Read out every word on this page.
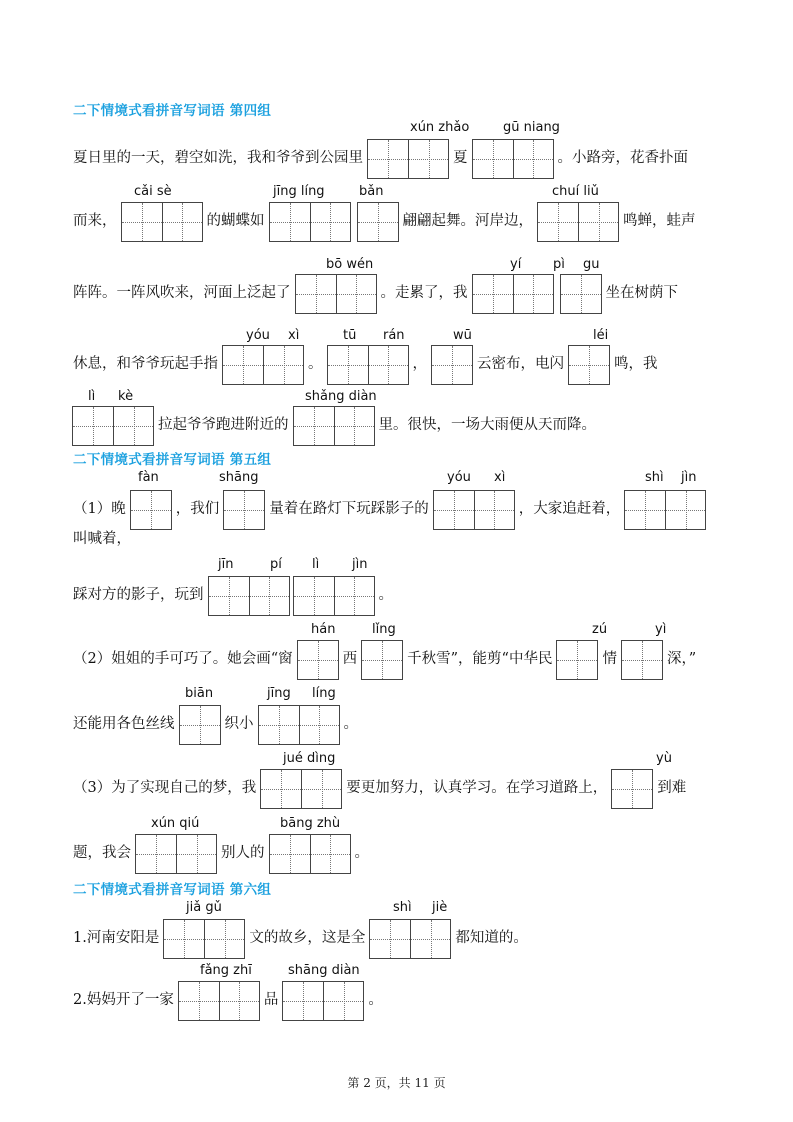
二下情境式看拼音写词语 第四组
xún zhǎo	gū niang
夏日里的一天，碧空如洗，我和爷爷到公园里	夏	。小路旁，花香扑面
cǎi sè	jīng líng	bǎn	chuí liǔ
而来，	的蝴蝶如	翩翩起舞。河岸边，	鸣蝉，蛙声
bō wén	yí pì gu
阵阵。一阵风吹来，河面上泛起了	。走累了，我	坐在树荫下
yóu xì	tū rán	wū	léi
休息，和爷爷玩起手指	。	，	云密布，电闪	鸣，我
lì kè	shǎng diàn
拉起爷爷跑进附近的	里。很快，一场大雨便从天而降。
二下情境式看拼音写词语 第五组
fàn	shāng	yóu xì	shì jìn
（1）晚	，我们	量着在路灯下玩踩影子的	，大家追赶着，
叫喊着，
jīn	pí lì	jìn
踩对方的影子，玩到	。
hán	lǐng	zú	yì
（2）姐姐的手可巧了。她会画“窗	西	千秋雪”，能剪“中华民	情	深，”
biān	jīng líng
还能用各色丝线	织小	。
jué dìng	yù
（3）为了实现自己的梦，我	要更加努力，认真学习。在学习道路上，	到难
xún qiú	bāng zhù
题，我会	别人的	。
二下情境式看拼音写词语 第六组
jiǎ gǔ	shì jiè
1.河南安阳是	文的故乡，这是全	都知道的。
fǎng zhī	shāng diàn
2.妈妈开了一家	品	。
第 2 页，共 11 页
